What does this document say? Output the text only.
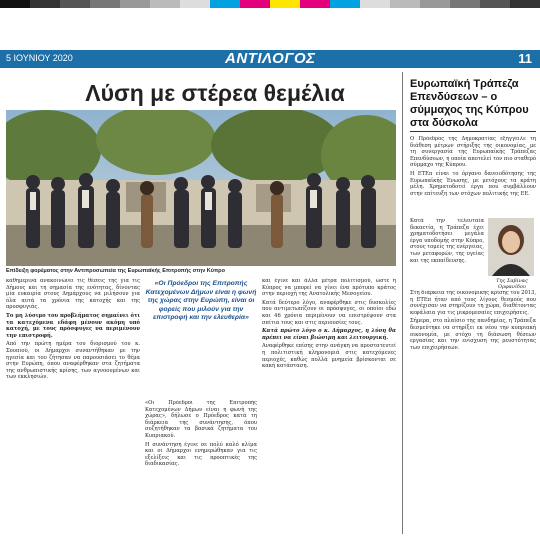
5 ΙΟΥΝΙΟΥ 2020	ΑΝΤΙΛΟΓΟΣ	11
Λύση με στέρεα θεμέλια
Επίδειξη φορέματος στην Αντιπροσωπεία της Ευρωπαϊκής Επιτροπής στην Κύπρο

καθημερινά ανακοινώνει τις θέσεις της για τις Δήμους και τη σημασία της ενότητας, δίνοντας μία ευκαιρία στους Δημάρχους να μιλήσουν για όλα αυτά τα χρόνια της κατοχής και της προσφυγιάς.

Το μη λύσιμο του προβλήματος σημαίνει ότι τα κατεχόμενα εδάφη μένουν ακόμη υπό κατοχή, με τους πρόσφυγες να περιμένουν την επιστροφή.

Από την πρώτη ημέρα του διορισμού του κ. Σουπιού, οι Δήμαρχοι συναντήθηκαν με την ηγεσία και του ζήτησαν να παρουσιάσει το θέμα στην Ευρώπη, όπου αναφέρθηκαν στα ζητήματα της ανθρωπιστικής κρίσης, των αγνοουμένων και των εκκλησιών.

«Οι Πρόεδροι της Επιτροπής Κατεχομένων Δήμων είναι η φωνή της χώρας στην Ευρώπη, είναι οι φορείς που μιλούν για την επιστροφή και την ελευθερία»

«Οι Πρόεδροι της Επιτροπής Κατεχομένων Δήμων είναι η φωνή της χώρας», δήλωσε ο Πρόεδρος κατά τη διάρκεια της συνάντησης, όπου συζητήθηκαν τα βασικά ζητήματα του Κυπριακού.

Η συνάντηση έγινε σε πολύ καλό κλίμα και οι Δήμαρχοι ενημερώθηκαν για τις εξελίξεις και τις προοπτικές της διαδικασίας.

και έγινε και άλλα μέτρα πολιτισμού, ώστε η Κύπρος να μπορεί να γίνει ένα πρότυπο κράτος στην περιοχή της Ανατολικής Μεσογείου.

Κατά δεύτερο λόγο, αναφέρθηκε στις δυσκολίες που αντιμετωπίζουν οι πρόσφυγες, οι οποίοι εδώ και 46 χρόνια περιμένουν να επιστρέψουν στα σπίτια τους και στις περιουσίες τους.

Κατά πρώτο λόγο ο κ. Δήμαρχος, η λύση θα πρέπει να είναι βιώσιμη και λειτουργική.

Αναφέρθηκε επίσης στην ανάγκη να προστατευτεί η πολιτιστική κληρονομιά στις κατεχόμενες περιοχές, καθώς πολλά μνημεία βρίσκονται σε κακή κατάσταση.

Ευρωπαϊκή Τράπεζα Επενδύσεων – ο σύμμαχος της Κύπρου στα δύσκολα

Ο Πρόεδρος της Δημοκρατίας εξήγγειλε τη διάθεση μέτρων στήριξης της οικονομίας, με τη συνεργασία της Ευρωπαϊκής Τράπεζας Επενδύσεων, η οποία αποτελεί τον πιο σταθερό σύμμαχο της Κύπρου.

Η ΕΤΕπ είναι το όργανο δανειοδότησης της Ευρωπαϊκής Ένωσης, με μετόχους τα κράτη μέλη. Χρηματοδοτεί έργα που συμβάλλουν στην επίτευξη των στόχων πολιτικής της ΕΕ.

Κατά την τελευταία δεκαετία, η Τράπεζα έχει χρηματοδοτήσει μεγάλα έργα υποδομής στην Κύπρο, στους τομείς της ενέργειας, των μεταφορών, της υγείας και της εκπαίδευσης.

Της Σαβίνας Ορφανίδου

Στη διάρκεια της οικονομικής κρίσης του 2013, η ΕΤΕπ ήταν από τους λίγους θεσμούς που συνέχισαν να στηρίζουν τη χώρα, διαθέτοντας κεφάλαια για τις μικρομεσαίες επιχειρήσεις.

Σήμερα, στο πλαίσιο της πανδημίας, η Τράπεζα δεσμεύτηκε να στηρίξει εκ νέου την κυπριακή οικονομία, με στόχο τη διάσωση θέσεων εργασίας και την ενίσχυση της ρευστότητας των επιχειρήσεων.
